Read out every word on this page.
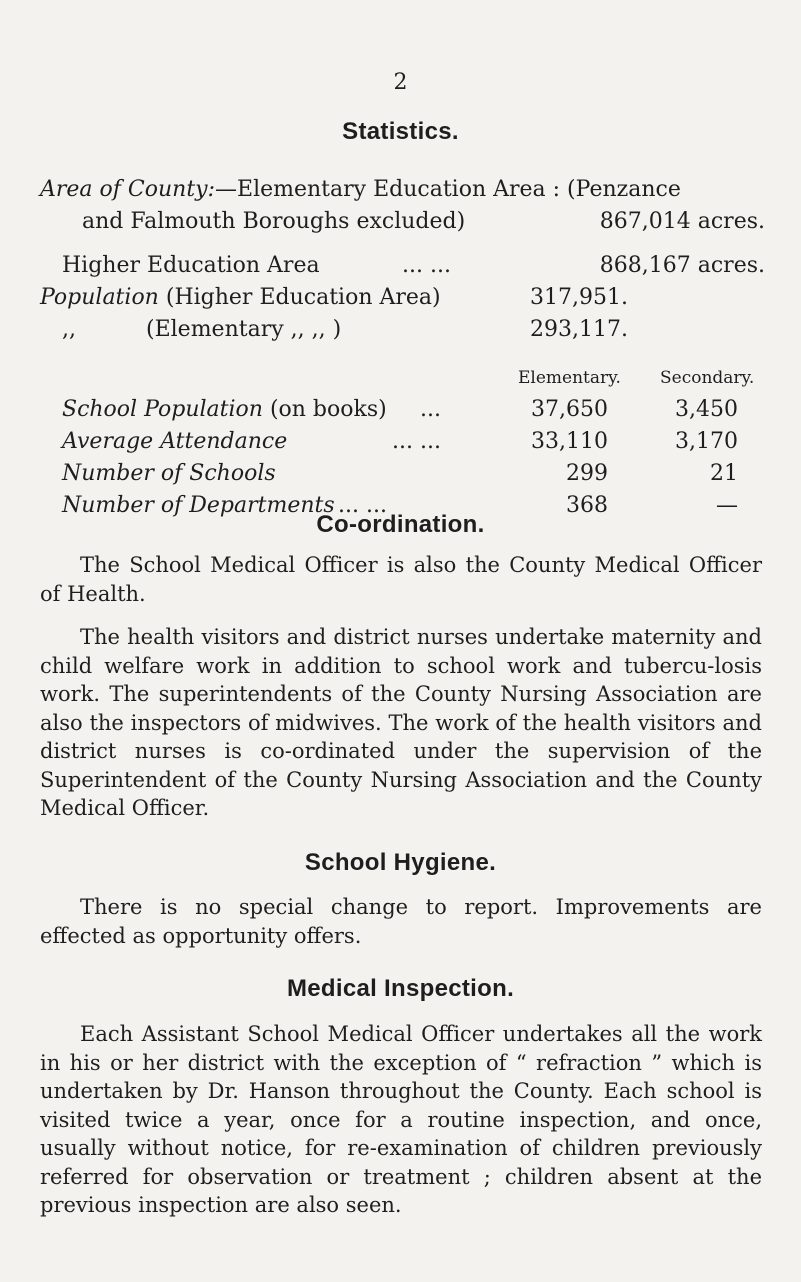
2
Statistics.
Area of County:—Elementary Education Area : (Penzance
and Falmouth Boroughs excluded)	867,014 acres.
Higher Education Area	... ...	868,167 acres.
Population (Higher Education Area)	317,951.
,,	(Elementary ,, ,, )	293,117.
Elementary. Secondary.
School Population (on books) ...	37,650	3,450
Average Attendance	... ...	33,110	3,170
Number of Schools	299	21
Number of Departments ... ...	368	—
Co-ordination.

The School Medical Officer is also the County Medical Officer of Health.

The health visitors and district nurses undertake maternity and child welfare work in addition to school work and tubercu-losis work. The superintendents of the County Nursing Association are also the inspectors of midwives. The work of the health visitors and district nurses is co-ordinated under the supervision of the Superintendent of the County Nursing Association and the County Medical Officer.

School Hygiene.

There is no special change to report. Improvements are effected as opportunity offers.

Medical Inspection.

Each Assistant School Medical Officer undertakes all the work in his or her district with the exception of “ refraction ” which is undertaken by Dr. Hanson throughout the County. Each school is visited twice a year, once for a routine inspection, and once, usually without notice, for re-examination of children previously referred for observation or treatment ; children absent at the previous inspection are also seen.
